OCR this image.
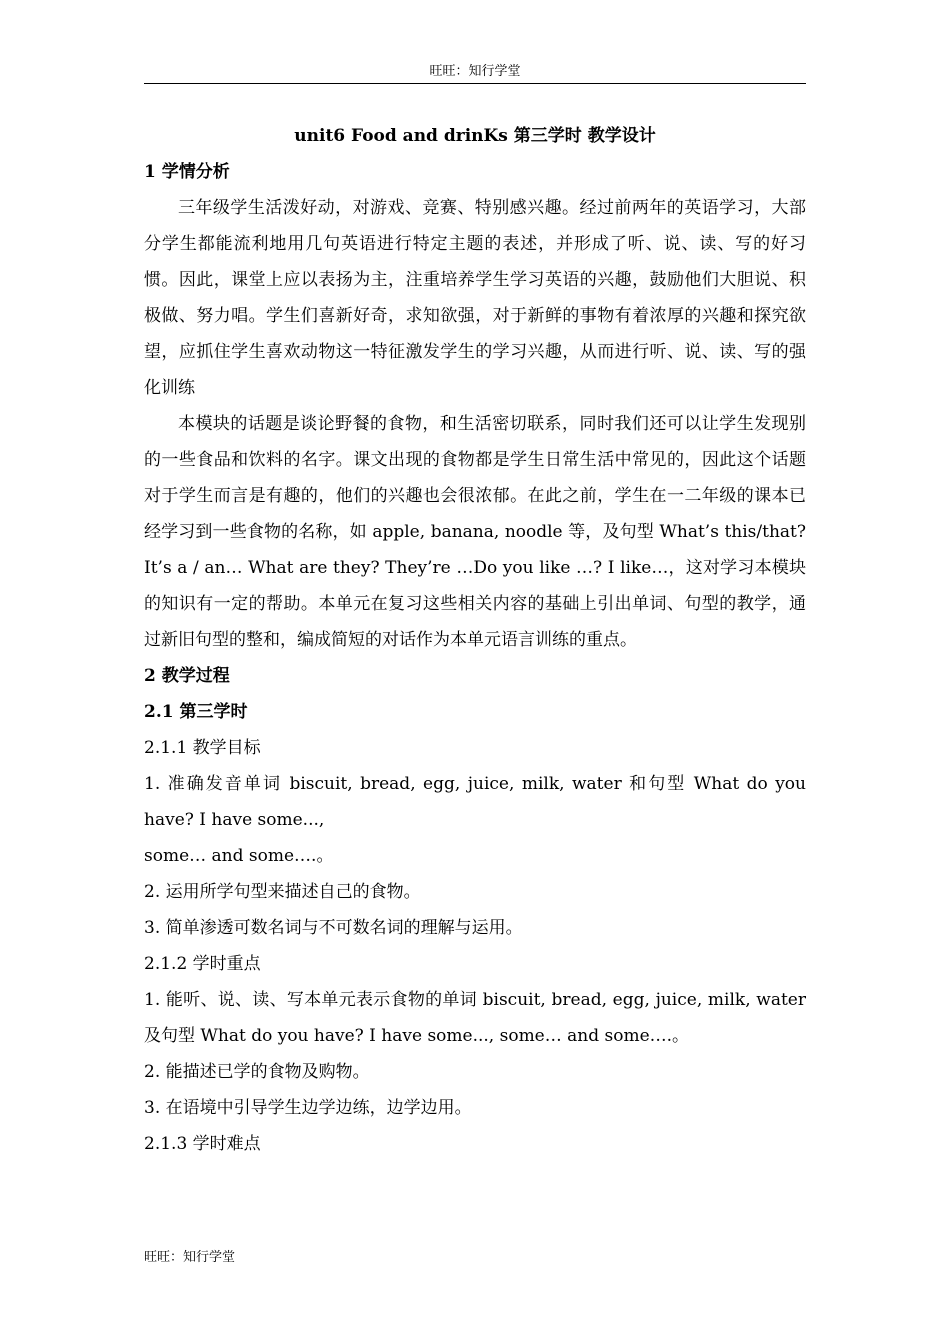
旺旺：知行学堂
unit6 Food and drinKs 第三学时 教学设计
1 学情分析

三年级学生活泼好动，对游戏、竞赛、特别感兴趣。经过前两年的英语学习，大部分学生都能流利地用几句英语进行特定主题的表述，并形成了听、说、读、写的好习惯。因此，课堂上应以表扬为主，注重培养学生学习英语的兴趣，鼓励他们大胆说、积极做、努力唱。学生们喜新好奇，求知欲强，对于新鲜的事物有着浓厚的兴趣和探究欲望，应抓住学生喜欢动物这一特征激发学生的学习兴趣，从而进行听、说、读、写的强化训练

本模块的话题是谈论野餐的食物，和生活密切联系，同时我们还可以让学生发现别的一些食品和饮料的名字。课文出现的食物都是学生日常生活中常见的，因此这个话题对于学生而言是有趣的，他们的兴趣也会很浓郁。在此之前，学生在一二年级的课本已经学习到一些食物的名称，如 apple, banana, noodle 等，及句型 What’s this/that? It’s a / an… What are they? They’re …Do you like …? I like…，这对学习本模块的知识有一定的帮助。本单元在复习这些相关内容的基础上引出单词、句型的教学，通过新旧句型的整和，编成简短的对话作为本单元语言训练的重点。

2 教学过程
2.1 第三学时
2.1.1 教学目标

1. 准确发音单词 biscuit, bread, egg, juice, milk, water 和句型 What do you have? I have some...,

some… and some….。
2. 运用所学句型来描述自己的食物。
3. 简单渗透可数名词与不可数名词的理解与运用。
2.1.2 学时重点

1. 能听、说、读、写本单元表示食物的单词 biscuit, bread, egg, juice, milk, water 及句型 What do you have? I have some..., some… and some….。

2. 能描述已学的食物及购物。
3. 在语境中引导学生边学边练，边学边用。
2.1.3 学时难点
旺旺：知行学堂
